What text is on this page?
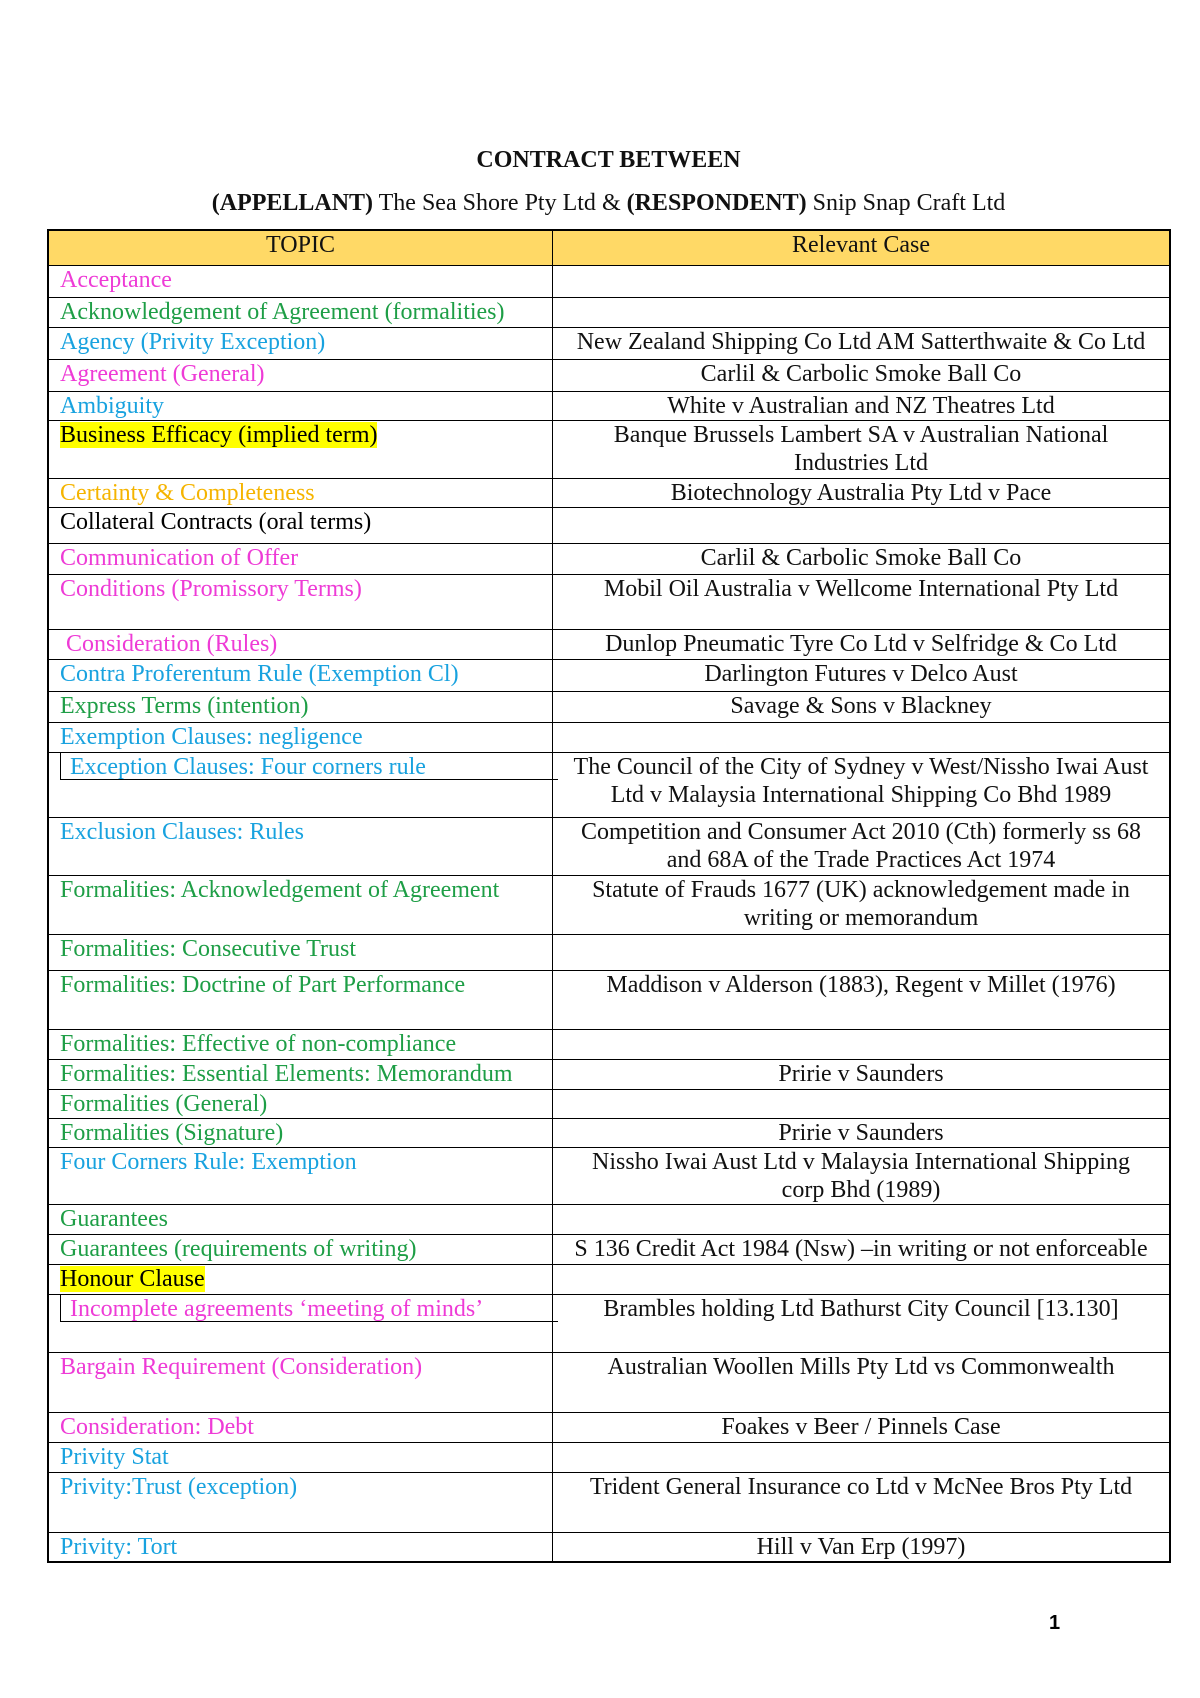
CONTRACT BETWEEN
(APPELLANT) The Sea Shore Pty Ltd & (RESPONDENT) Snip Snap Craft Ltd
TOPIC	Relevant Case
Acceptance
Acknowledgement of Agreement (formalities)
Agency (Privity Exception)	New Zealand Shipping Co Ltd AM Satterthwaite & Co Ltd
Agreement (General)	Carlil & Carbolic Smoke Ball Co
Ambiguity	White v Australian and NZ Theatres Ltd
Business Efficacy (implied term)	Banque Brussels Lambert SA v Australian National
Industries Ltd
Certainty & Completeness	Biotechnology Australia Pty Ltd v Pace
Collateral Contracts (oral terms)
Communication of Offer	Carlil & Carbolic Smoke Ball Co
Conditions (Promissory Terms)	Mobil Oil Australia v Wellcome International Pty Ltd
Consideration (Rules)	Dunlop Pneumatic Tyre Co Ltd v Selfridge & Co Ltd
Contra Proferentum Rule (Exemption Cl)	Darlington Futures v Delco Aust
Express Terms (intention)	Savage & Sons v Blackney
Exemption Clauses: negligence
Exception Clauses: Four corners rule	The Council of the City of Sydney v West/Nissho Iwai Aust
Ltd v Malaysia International Shipping Co Bhd 1989
Exclusion Clauses: Rules	Competition and Consumer Act 2010 (Cth) formerly ss 68
and 68A of the Trade Practices Act 1974
Formalities: Acknowledgement of Agreement	Statute of Frauds 1677 (UK) acknowledgement made in
writing or memorandum
Formalities: Consecutive Trust
Formalities: Doctrine of Part Performance	Maddison v Alderson (1883), Regent v Millet (1976)
Formalities: Effective of non-compliance
Formalities: Essential Elements: Memorandum	Pririe v Saunders
Formalities (General)
Formalities (Signature)	Pririe v Saunders
Four Corners Rule: Exemption	Nissho Iwai Aust Ltd v Malaysia International Shipping
corp Bhd (1989)
Guarantees
Guarantees (requirements of writing)	S 136 Credit Act 1984 (Nsw) –in writing or not enforceable
Honour Clause
Incomplete agreements ‘meeting of minds’	Brambles holding Ltd Bathurst City Council [13.130]
Bargain Requirement (Consideration)	Australian Woollen Mills Pty Ltd vs Commonwealth
Consideration: Debt	Foakes v Beer / Pinnels Case
Privity Stat
Privity:Trust (exception)	Trident General Insurance co Ltd v McNee Bros Pty Ltd
Privity: Tort	Hill v Van Erp (1997)
1
